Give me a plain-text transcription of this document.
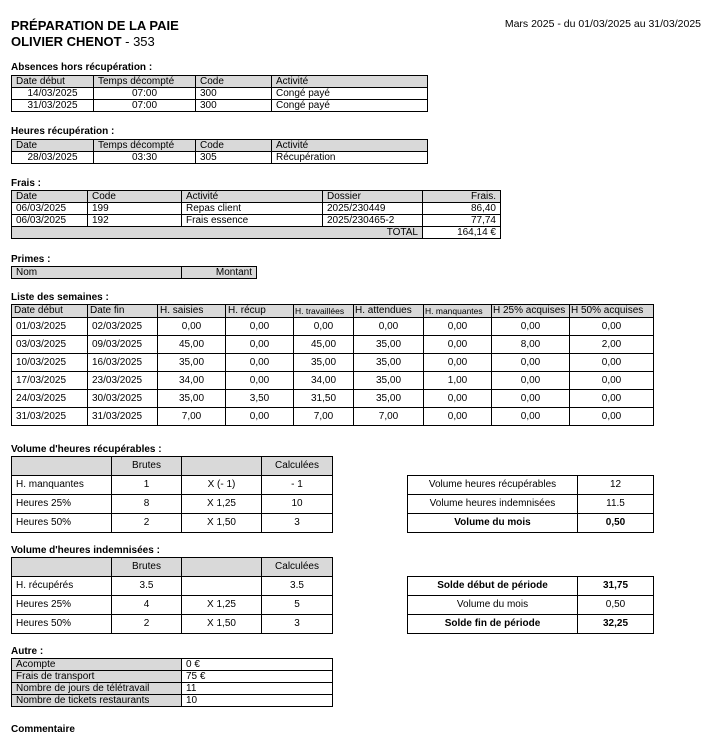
PRÉPARATION DE LA PAIE
OLIVIER CHENOT - 353
Mars 2025 - du 01/03/2025 au 31/03/2025
Absences hors récupération :
Date début	Temps décompté	Code	Activité
14/03/2025	07:00	300	Congé payé
31/03/2025	07:00	300	Congé payé
Heures récupération :
Date	Temps décompté	Code	Activité
28/03/2025	03:30	305	Récupération
Frais :
Date	Code	Activité	Dossier	Frais.
06/03/2025	199	Repas client	2025/230449	86,40
06/03/2025	192	Frais essence	2025/230465-2	77,74
TOTAL				164,14 €
Primes :
Nom	Montant
Liste des semaines :
Date début	Date fin	H. saisies	H. récup	H. travaillées	H. attendues	H. manquantes	H 25% acquises	H 50% acquises
01/03/2025	02/03/2025	0,00	0,00	0,00	0,00	0,00	0,00	0,00
03/03/2025	09/03/2025	45,00	0,00	45,00	35,00	0,00	8,00	2,00
10/03/2025	16/03/2025	35,00	0,00	35,00	35,00	0,00	0,00	0,00
17/03/2025	23/03/2025	34,00	0,00	34,00	35,00	1,00	0,00	0,00
24/03/2025	30/03/2025	35,00	3,50	31,50	35,00	0,00	0,00	0,00
31/03/2025	31/03/2025	7,00	0,00	7,00	7,00	0,00	0,00	0,00
Volume d'heures récupérables :
	Brutes		Calculées
H. manquantes	1	X (- 1)	- 1
Heures 25%	8	X 1,25	10
Heures 50%	2	X 1,50	3
Volume heures récupérables	12
Volume heures indemnisées	11.5
Volume du mois	0,50
Volume d'heures indemnisées :
	Brutes		Calculées
H. récupérés	3.5		3.5
Heures 25%	4	X 1,25	5
Heures 50%	2	X 1,50	3
Solde début de période	31,75
Volume du mois	0,50
Solde fin de période	32,25
Autre :
Acompte	0 €
Frais de transport	75 €
Nombre de jours de télétravail	11
Nombre de tickets restaurants	10
Commentaire
